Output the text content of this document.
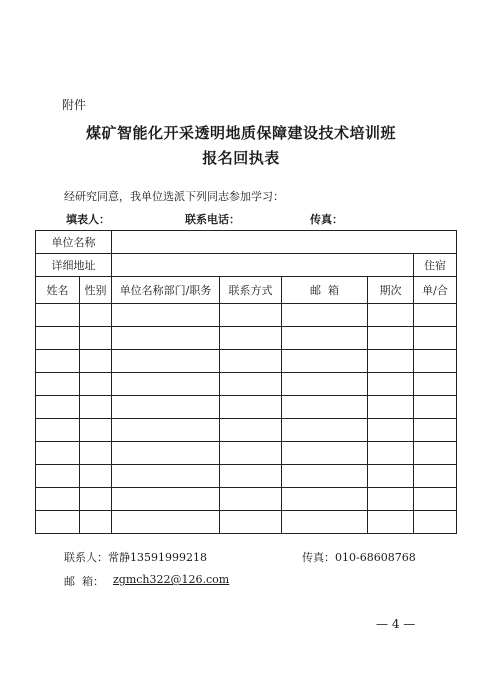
附件
煤矿智能化开采透明地质保障建设技术培训班
报名回执表
经研究同意，我单位选派下列同志参加学习：
填表人：	联系电话：	传真：
单位名称						
详细地址						住宿
姓名	性别	单位名称部门/职务	联系方式	邮  箱	期次	单/合

联系人：常静13591999218	传真：010-68608768
邮  箱： zgmch322@126.com
— 4 —
